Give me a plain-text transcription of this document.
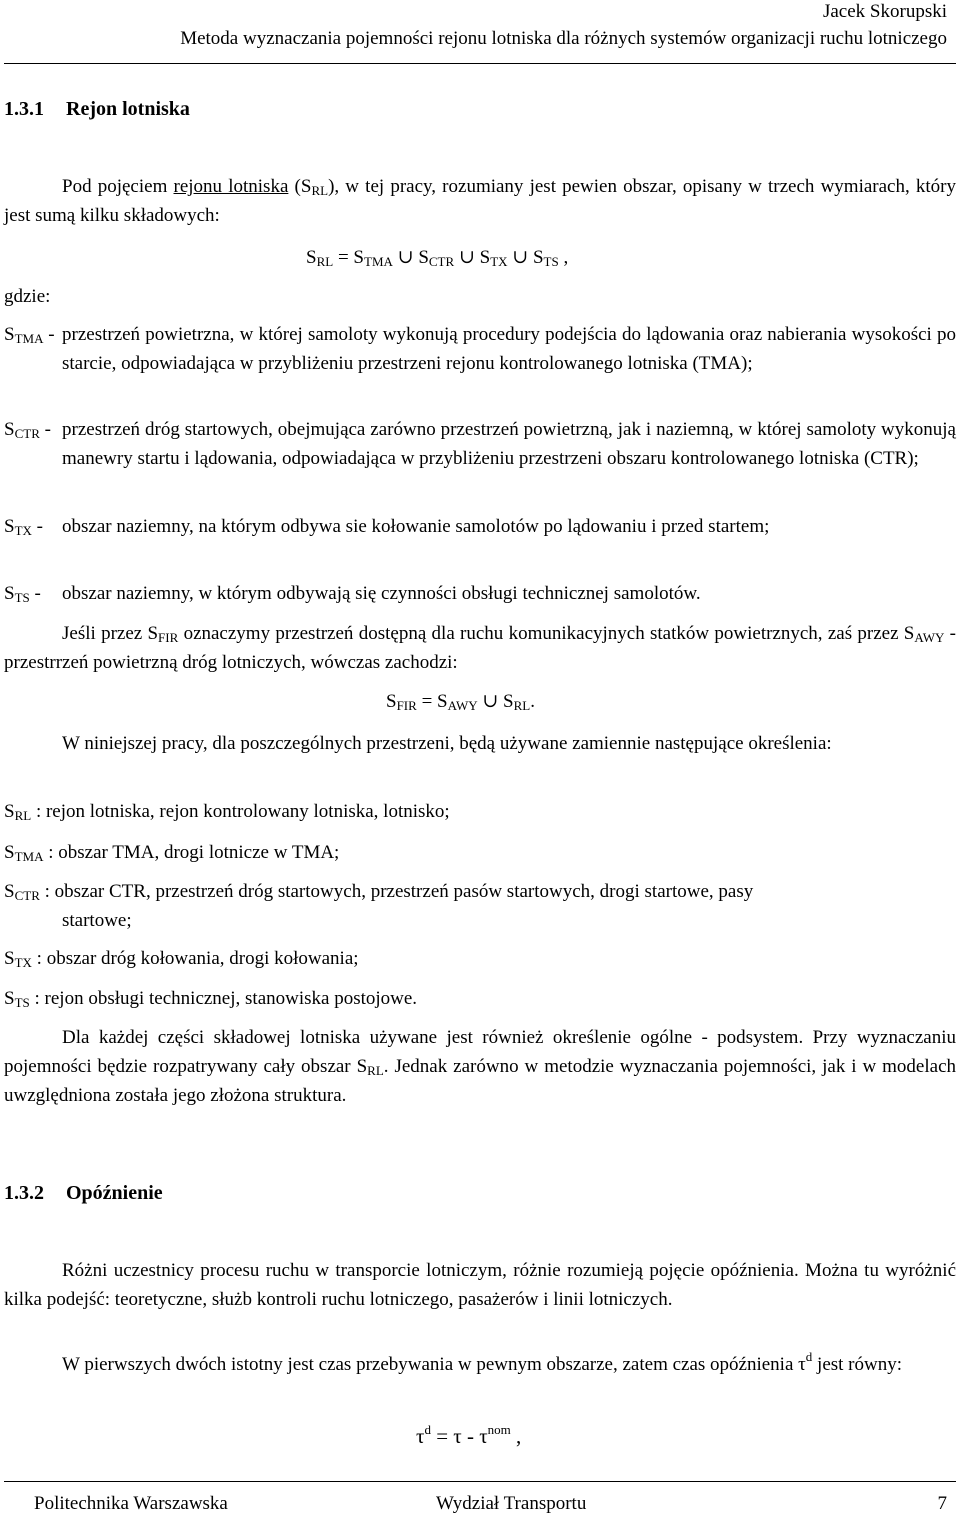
Jacek Skorupski
Metoda wyznaczania pojemności rejonu lotniska dla różnych systemów organizacji ruchu lotniczego
1.3.1 Rejon lotniska
Pod pojęciem rejonu lotniska $(S_{RL})$, w tej pracy, rozumiany jest pewien obszar, opisany w trzech wymiarach, który jest sumą kilku składowych:
$S_{RL} = S_{TMA}$ ∪ $S_{CTR}$ ∪ $S_{TX}$ ∪ $S_{TS}$ ,
gdzie:
$S_{TMA}$ - przestrzeń powietrzna, w której samoloty wykonują procedury podejścia do lądowania oraz nabierania wysokości po starcie, odpowiadająca w przybliżeniu przestrzeni rejonu kontrolowanego lotniska (TMA);
$S_{CTR}$ - przestrzeń dróg startowych, obejmująca zarówno przestrzeń powietrzną, jak i naziemną, w której samoloty wykonują manewry startu i lądowania, odpowiadająca w przybliżeniu przestrzeni obszaru kontrolowanego lotniska (CTR);
$S_{TX}$ - obszar naziemny, na którym odbywa sie kołowanie samolotów po lądowaniu i przed startem;
$S_{TS}$ - obszar naziemny, w którym odbywają się czynności obsługi technicznej samolotów.
Jeśli przez $S_{FIR}$ oznaczymy przestrzeń dostępną dla ruchu komunikacyjnych statków powietrznych, zaś przez $S_{AWY}$ - przestrrzeń powietrzną dróg lotniczych, wówczas zachodzi:
$S_{FIR} = S_{AWY}$ ∪ $S_{RL}$.
W niniejszej pracy, dla poszczególnych przestrzeni, będą używane zamiennie następujące określenia:
$S_{RL}$ : rejon lotniska, rejon kontrolowany lotniska, lotnisko;
$S_{TMA}$ : obszar TMA, drogi lotnicze w TMA;
$S_{CTR}$ : obszar CTR, przestrzeń dróg startowych, przestrzeń pasów startowych, drogi startowe, pasy
startowe;
$S_{TX}$ : obszar dróg kołowania, drogi kołowania;
$S_{TS}$ : rejon obsługi technicznej, stanowiska postojowe.
Dla każdej części składowej lotniska używane jest również określenie ogólne - podsystem. Przy wyznaczaniu pojemności będzie rozpatrywany cały obszar $S_{RL}$. Jednak zarówno w metodzie wyznaczania pojemności, jak i w modelach uwzględniona została jego złożona struktura.
1.3.2 Opóźnienie
Różni uczestnicy procesu ruchu w transporcie lotniczym, różnie rozumieją pojęcie opóźnienia. Można tu wyróżnić kilka podejść: teoretyczne, służb kontroli ruchu lotniczego, pasażerów i linii lotniczych.
W pierwszych dwóch istotny jest czas przebywania w pewnym obszarze, zatem czas opóźnienia $\tau^d$ jest równy:
$\tau^d = \tau - \tau^{nom}$ ,
Politechnika Warszawska	Wydział Transportu	7
